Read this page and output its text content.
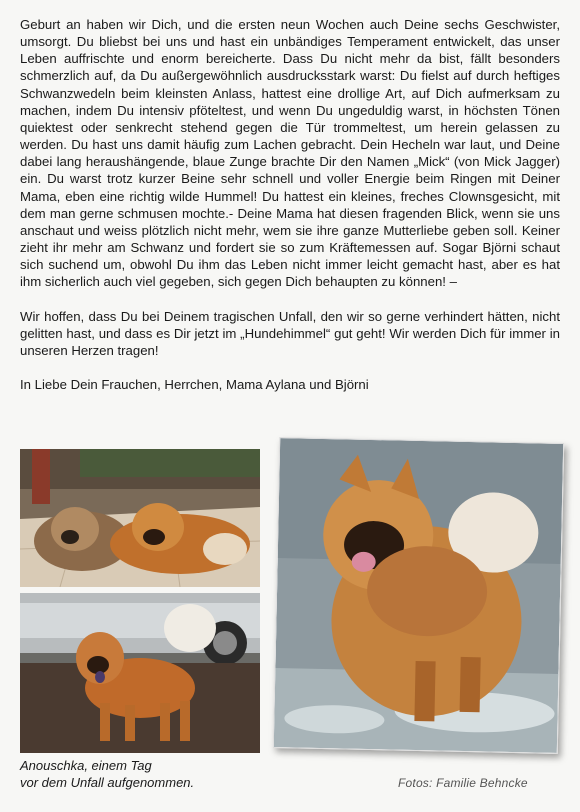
Geburt an haben wir Dich, und die ersten neun Wochen auch Deine sechs Geschwister, umsorgt. Du bliebst bei uns und hast ein unbändiges Temperament entwickelt, das unser Leben auffrischte und enorm bereicherte. Dass Du nicht mehr da bist, fällt besonders schmerzlich auf, da Du außergewöhnlich ausdrucksstark warst: Du fielst auf durch heftiges Schwanzwedeln beim kleinsten Anlass, hattest eine drollige Art, auf Dich aufmerksam zu machen, indem Du intensiv pföteltest, und wenn Du ungeduldig warst, in höchsten Tönen quiektest oder senkrecht stehend gegen die Tür trommeltest, um herein gelassen zu werden. Du hast uns damit häufig zum Lachen gebracht. Dein Hecheln war laut, und Deine dabei lang heraushängende, blaue Zunge brachte Dir den Namen „Mick“ (von Mick Jagger) ein. Du warst trotz kurzer Beine sehr schnell und voller Energie beim Ringen mit Deiner Mama, eben eine richtig wilde Hummel! Du hattest ein kleines, freches Clownsgesicht, mit dem man gerne schmusen mochte.- Deine Mama hat diesen fragenden Blick, wenn sie uns anschaut und weiss plötzlich nicht mehr, wem sie ihre ganze Mutterliebe geben soll. Keiner zieht ihr mehr am Schwanz und fordert sie so zum Kräftemessen auf. Sogar Björni schaut sich suchend um, obwohl Du ihm das Leben nicht immer leicht gemacht hast, aber es hat ihm sicherlich auch viel gegeben, sich gegen Dich behaupten zu können! –

Wir hoffen, dass Du bei Deinem tragischen Unfall, den wir so gerne verhindert hätten, nicht gelitten hast, und dass es Dir jetzt im „Hundehimmel“ gut geht! Wir werden Dich für immer in unseren Herzen tragen!

In Liebe Dein Frauchen, Herrchen, Mama Aylana und Björni

Anouschka, einem Tag
vor dem Unfall aufgenommen.	Fotos: Familie Behncke
